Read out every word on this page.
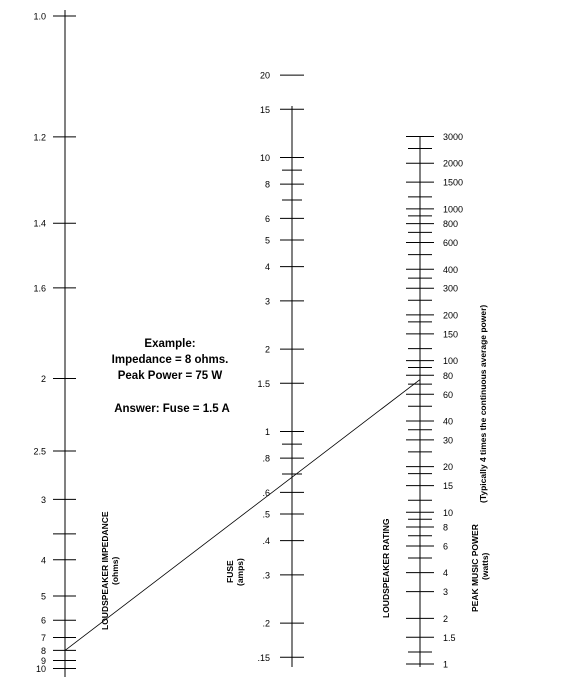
1.0
1.2
1.4
1.6
2
2.5
3
4
5
6
7
8
9
10
20
15
10
8
6
5
4
3
2
1.5
1
.8
.6
.5
.4
.3
.2
.15
3000
2000
1500
1000
800
600
400
300
200
150
100
80
60
40
30
20
15
10
8
6
4
3
2
1.5
1
Example:
Impedance = 8 ohms.
Peak Power = 75 W
Answer: Fuse = 1.5 A
LOUDSPEAKER IMPEDANCE (ohms)	FUSE (amps)	LOUDSPEAKER RATING	PEAK MUSIC POWER (watts)
(Typically 4 times the continuous average power)
